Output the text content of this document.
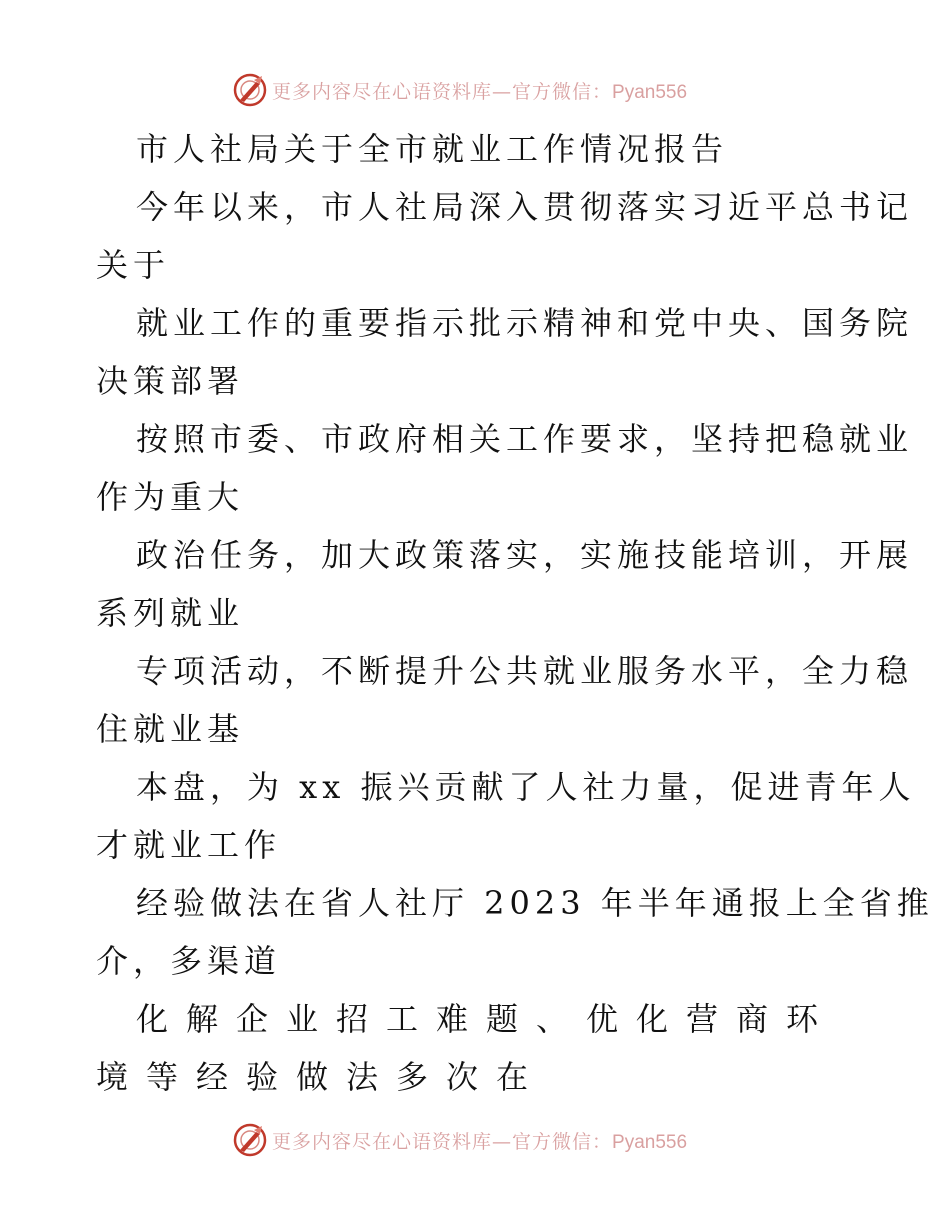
更多内容尽在心语资料库—官方微信：Pyan556
市人社局关于全市就业工作情况报告
今年以来，市人社局深入贯彻落实习近平总书记
关于
就业工作的重要指示批示精神和党中央、国务院
决策部署
按照市委、市政府相关工作要求，坚持把稳就业
作为重大
政治任务，加大政策落实，实施技能培训，开展
系列就业
专项活动，不断提升公共就业服务水平，全力稳
住就业基
本盘，为 xx 振兴贡献了人社力量，促进青年人
才就业工作
经验做法在省人社厅 2023 年半年通报上全省推
介，多渠道
化解企业招工难题、优化营商环
境等经验做法多次在
更多内容尽在心语资料库—官方微信：Pyan556
